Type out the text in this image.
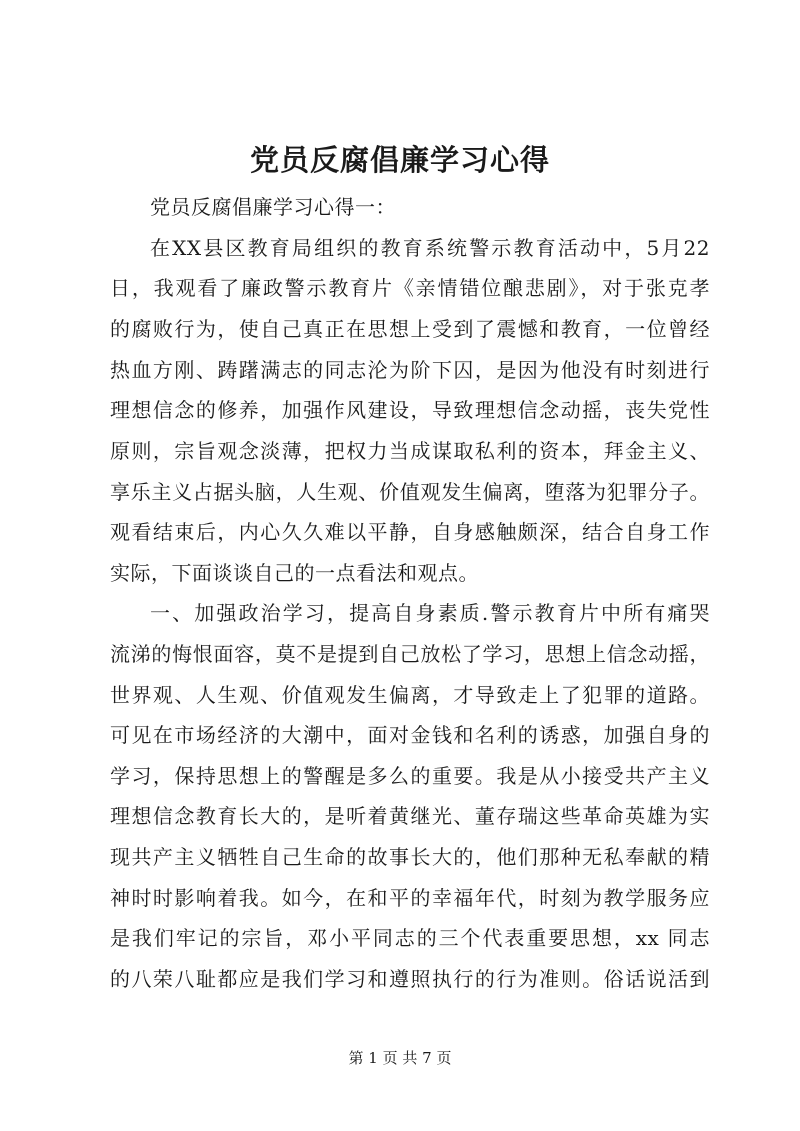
党员反腐倡廉学习心得
党员反腐倡廉学习心得一：
在XX县区教育局组织的教育系统警示教育活动中，5月22
日，我观看了廉政警示教育片《亲情错位酿悲剧》，对于张克孝
的腐败行为，使自己真正在思想上受到了震憾和教育，一位曾经
热血方刚、踌躇满志的同志沦为阶下囚，是因为他没有时刻进行
理想信念的修养，加强作风建设，导致理想信念动摇，丧失党性
原则，宗旨观念淡薄，把权力当成谋取私利的资本，拜金主义、
享乐主义占据头脑，人生观、价值观发生偏离，堕落为犯罪分子。
观看结束后，内心久久难以平静，自身感触颇深，结合自身工作
实际，下面谈谈自己的一点看法和观点。
一、加强政治学习，提高自身素质.警示教育片中所有痛哭
流涕的悔恨面容，莫不是提到自己放松了学习，思想上信念动摇，
世界观、人生观、价值观发生偏离，才导致走上了犯罪的道路。
可见在市场经济的大潮中，面对金钱和名利的诱惑，加强自身的
学习，保持思想上的警醒是多么的重要。我是从小接受共产主义
理想信念教育长大的，是听着黄继光、董存瑞这些革命英雄为实
现共产主义牺牲自己生命的故事长大的，他们那种无私奉献的精
神时时影响着我。如今，在和平的幸福年代，时刻为教学服务应
是我们牢记的宗旨，邓小平同志的三个代表重要思想，xx 同志
的八荣八耻都应是我们学习和遵照执行的行为准则。俗话说活到
第 1 页 共 7 页
